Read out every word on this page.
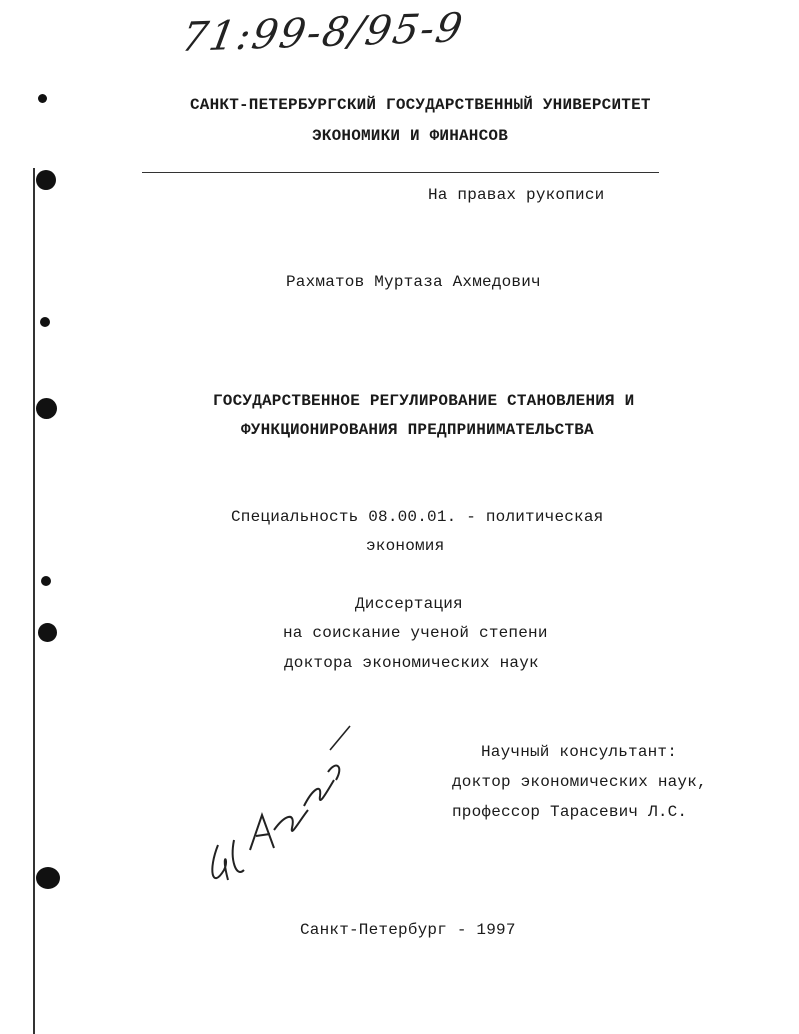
71:99-8/95-9
САНКТ-ПЕТЕРБУРГСКИЙ ГОСУДАРСТВЕННЫЙ УНИВЕРСИТЕТ
ЭКОНОМИКИ И ФИНАНСОВ
На правах рукописи
Рахматов Муртаза Ахмедович
ГОСУДАРСТВЕННОЕ РЕГУЛИРОВАНИЕ СТАНОВЛЕНИЯ И
ФУНКЦИОНИРОВАНИЯ ПРЕДПРИНИМАТЕЛЬСТВА
Специальность 08.00.01. - политическая
экономия
Диссертация
на соискание ученой степени
доктора экономических наук
Научный консультант:
доктор экономических наук,
профессор Тарасевич Л.С.
Санкт-Петербург - 1997
